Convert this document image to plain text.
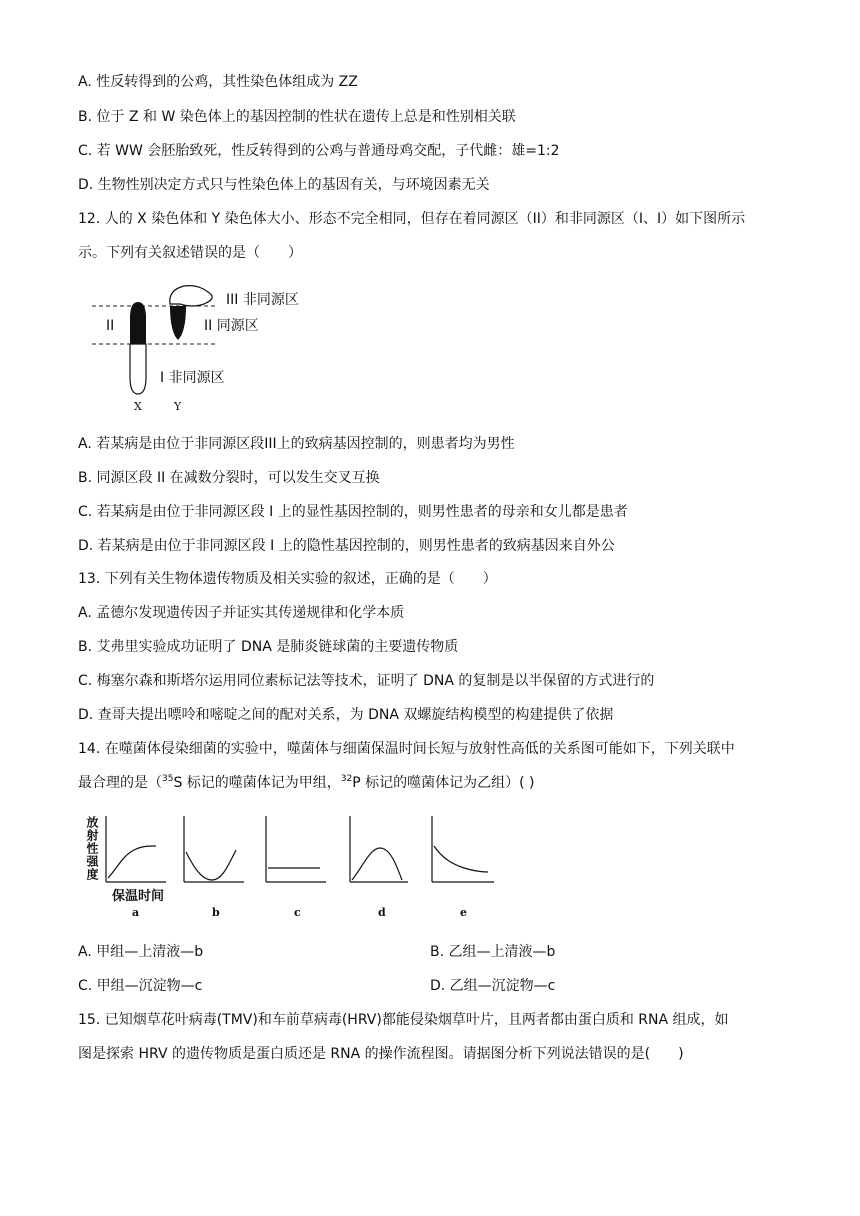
A. 性反转得到的公鸡，其性染色体组成为 ZZ
B. 位于 Z 和 W 染色体上的基因控制的性状在遗传上总是和性别相关联
C. 若 WW 会胚胎致死，性反转得到的公鸡与普通母鸡交配，子代雌：雄=1:2
D. 生物性别决定方式只与性染色体上的基因有关，与环境因素无关
12. 人的 X 染色体和 Y 染色体大小、形态不完全相同，但存在着同源区（II）和非同源区（I、I）如下图所示
示。下列有关叙述错误的是（　　）
II
III 非同源区
II 同源区
I 非同源区
X	Y
A. 若某病是由位于非同源区段III上的致病基因控制的，则患者均为男性
B. 同源区段 II 在减数分裂时，可以发生交叉互换
C. 若某病是由位于非同源区段 I 上的显性基因控制的，则男性患者的母亲和女儿都是患者
D. 若某病是由位于非同源区段 I 上的隐性基因控制的，则男性患者的致病基因来自外公
13. 下列有关生物体遗传物质及相关实验的叙述，正确的是（　　）
A. 孟德尔发现遗传因子并证实其传递规律和化学本质
B. 艾弗里实验成功证明了 DNA 是肺炎链球菌的主要遗传物质
C. 梅塞尔森和斯塔尔运用同位素标记法等技术，证明了 DNA 的复制是以半保留的方式进行的
D. 查哥夫提出嘌呤和嘧啶之间的配对关系，为 DNA 双螺旋结构模型的构建提供了依据
14. 在噬菌体侵染细菌的实验中，噬菌体与细菌保温时间长短与放射性高低的关系图可能如下，下列关联中
最合理的是（$^{35}$S 标记的噬菌体记为甲组，$^{32}$P 标记的噬菌体记为乙组）( )
放射性强度
保温时间
a	b	c	d	e
A. 甲组—上清液—b	B. 乙组—上清液—b
C. 甲组—沉淀物—c	D. 乙组—沉淀物—c
15. 已知烟草花叶病毒(TMV)和车前草病毒(HRV)都能侵染烟草叶片，且两者都由蛋白质和 RNA 组成，如
图是探索 HRV 的遗传物质是蛋白质还是 RNA 的操作流程图。请据图分析下列说法错误的是(　　)
